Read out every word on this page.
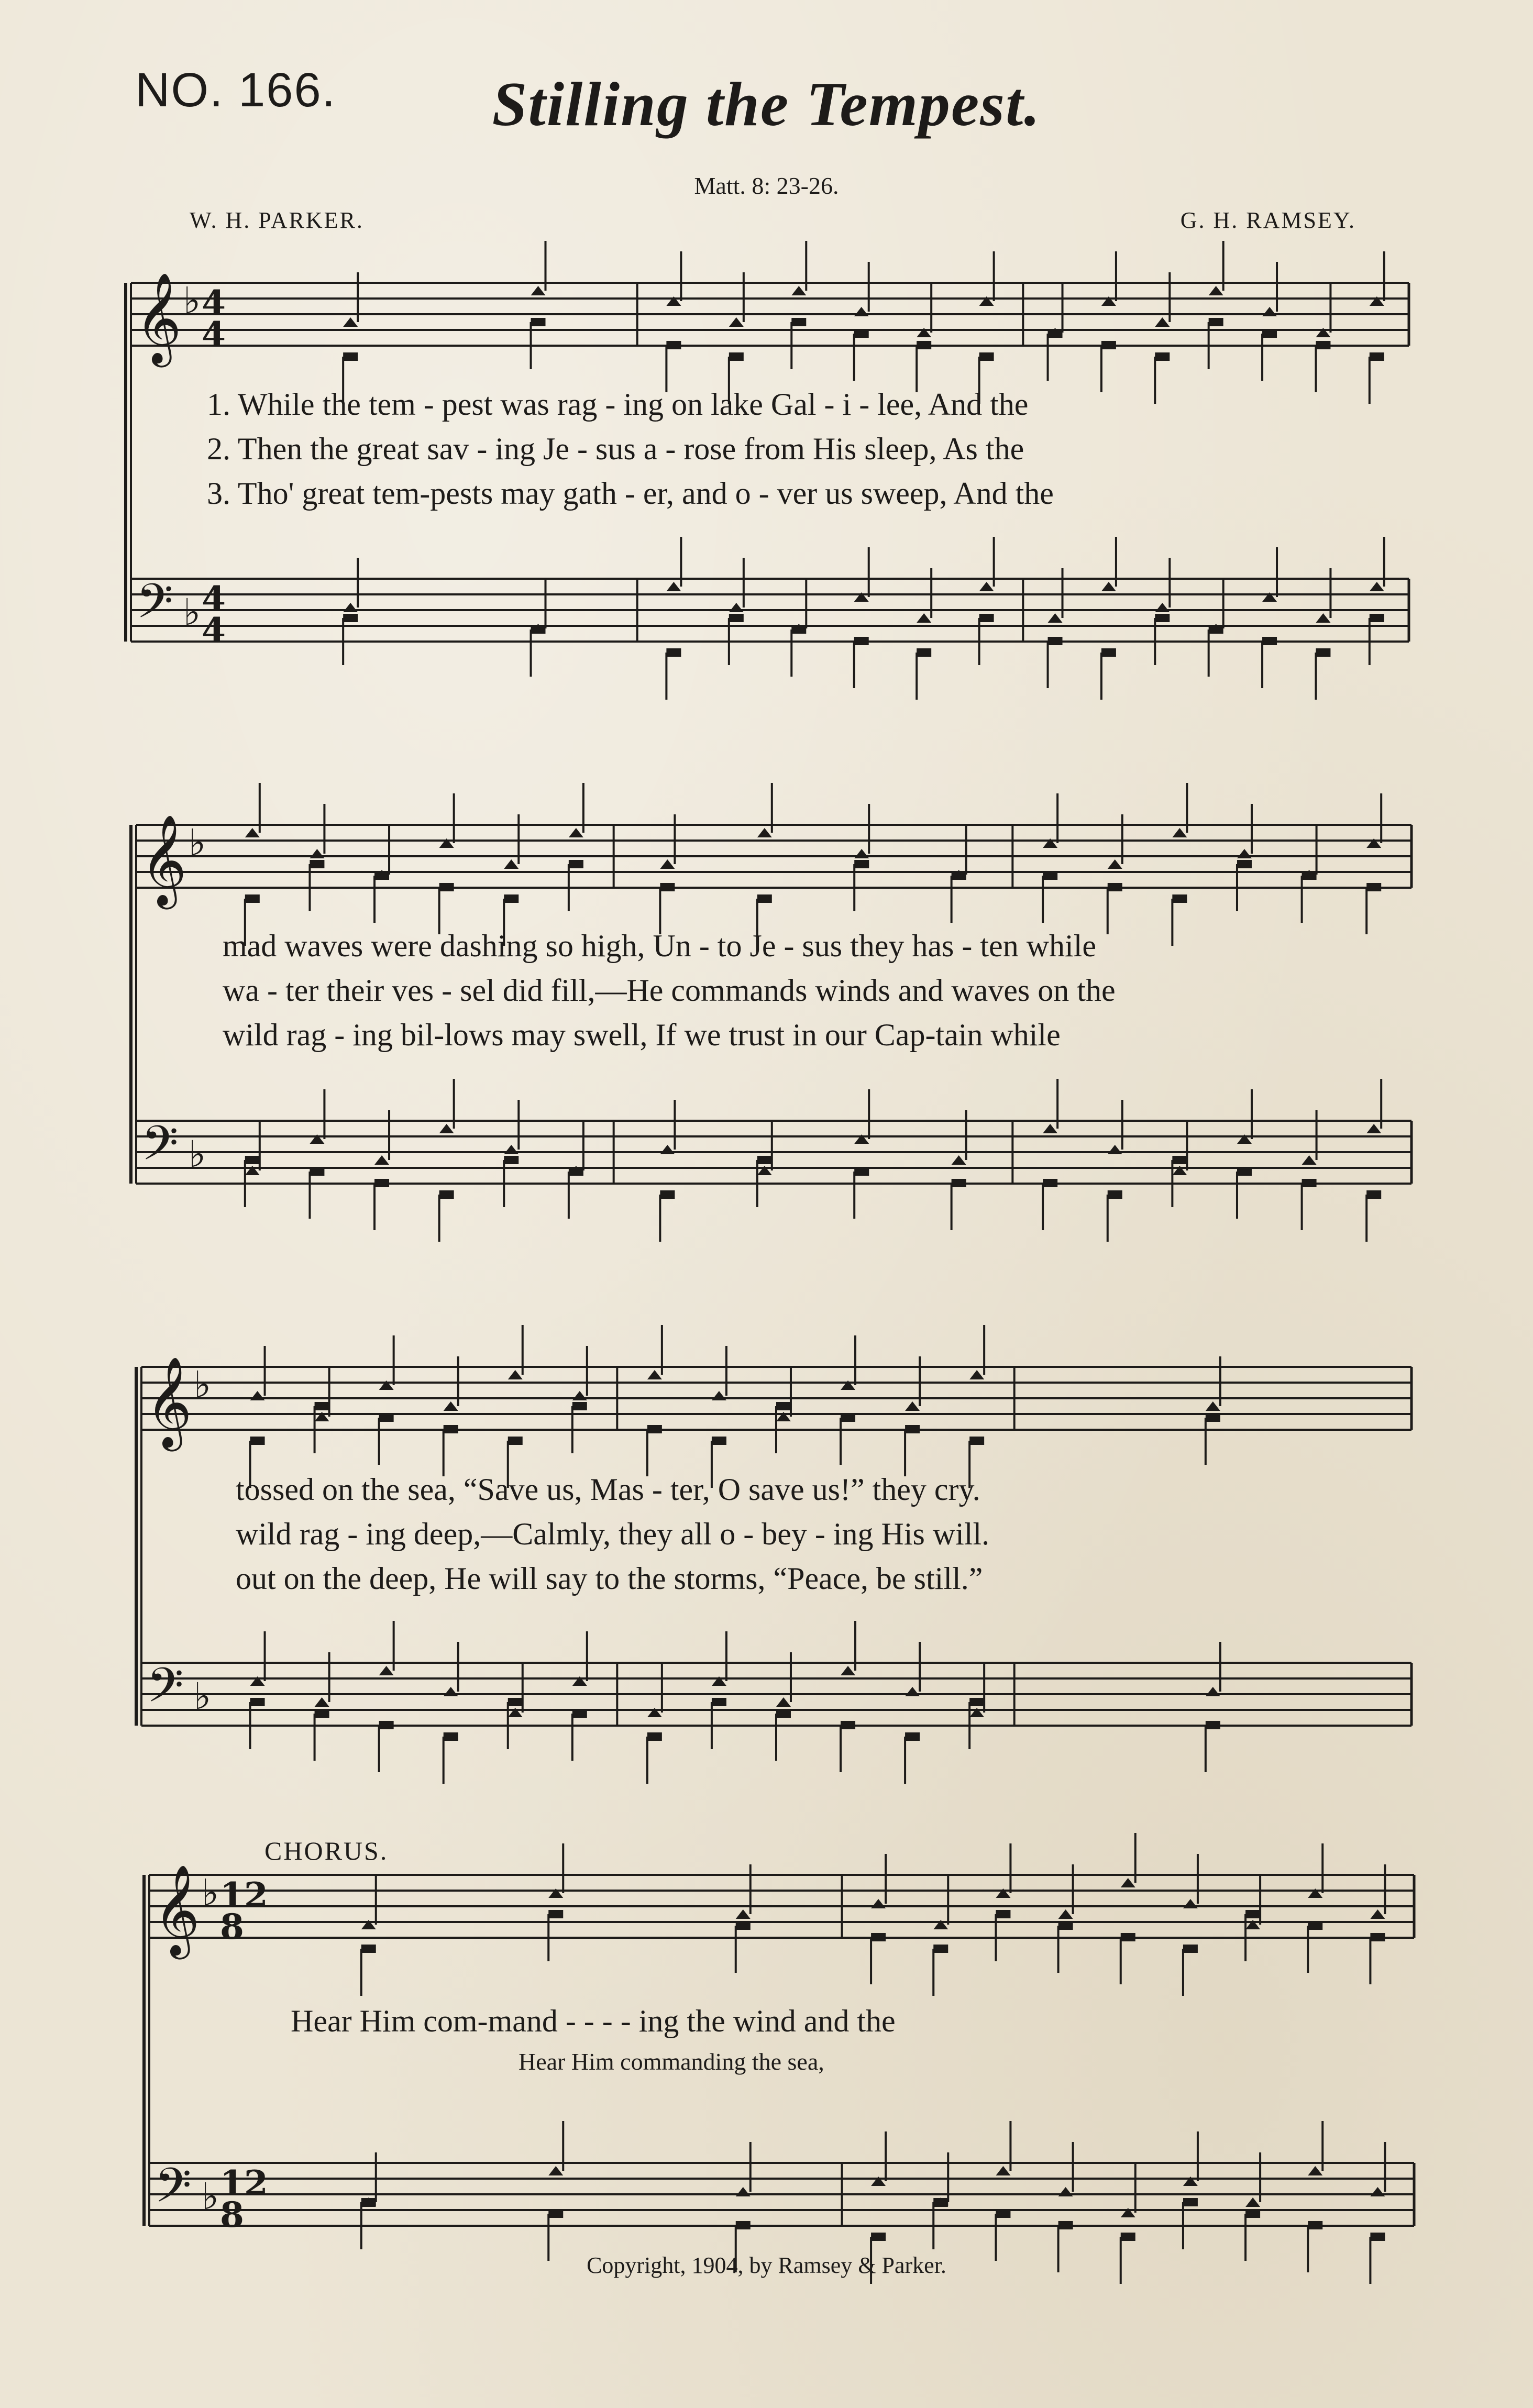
NO. 166.	Stilling the Tempest.
Matt. 8: 23-26.
W. H. PARKER.	G. H. RAMSEY.
1. While the tem - pest was rag - ing on lake Gal - i - lee, And the
2. Then the great sav - ing Je - sus a - rose from His sleep, As the
3. Tho' great tem-pests may gath - er, and o - ver us sweep, And the
mad waves were dashing so high, Un - to Je - sus they has - ten while
wa - ter their ves - sel did fill,—He commands winds and waves on the
wild rag - ing bil-lows may swell, If we trust in our Cap-tain while
tossed on the sea, “Save us, Mas - ter, O save us!” they cry.
wild rag - ing deep,—Calmly, they all o - bey - ing His will.
out on the deep, He will say to the storms, “Peace, be still.”
CHORUS.
Hear Him com-mand - - - - ing the wind and the
Hear Him commanding the sea,
Copyright, 1904, by Ramsey & Parker.
𝄞
𝄢
♭
♭
4
4
4
4
𝄞
𝄢
♭
♭
𝄞
𝄢
♭
♭
𝄞
𝄢
♭
♭
12
8
12
8
